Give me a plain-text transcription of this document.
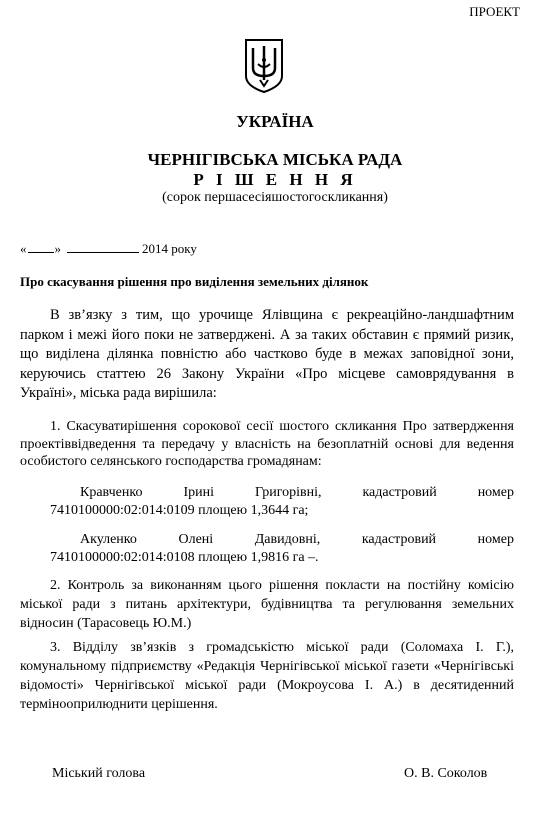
ПРОЕКТ
УКРАЇНА
ЧЕРНІГІВСЬКА МІСЬКА РАДА
Р І Ш Е Н Н Я
(сорок першасесіяшостогоскликання)
« »	2014 року
Про скасування рішення про виділення земельних ділянок
В зв’язку з тим, що урочище Ялівщина є рекреаційно-ландшафтним парком і межі його поки не затверджені. А за таких обставин є прямий ризик, що виділена ділянка повністю або частково буде в межах заповідної зони, керуючись статтею 26 Закону України «Про місцеве самоврядування в Україні», міська рада вирішила:
1. Скасуватирішення сорокової сесії шостого скликання Про затвердження проектіввідведення та передачу у власність на безоплатній основі для ведення особистого селянського господарства громадянам:
Кравченко	Ірині	Григорівні,	кадастровий	номер
7410100000:02:014:0109 площею 1,3644 га;
Акуленко	Олені	Давидовні,	кадастровий	номер
7410100000:02:014:0108 площею 1,9816 га –.
2. Контроль за виконанням цього рішення покласти на постійну комісію міської ради з питань архітектури, будівництва та регулювання земельних відносин (Тарасовець Ю.М.)
3. Відділу зв’язків з громадськістю міської ради (Соломаха І. Г.), комунальному підприємству «Редакція Чернігівської міської газети «Чернігівські відомості» Чернігівської міської ради (Мокроусова І. А.) в десятиденний термінооприлюднити церішення.
Міський голова	О. В. Соколов
